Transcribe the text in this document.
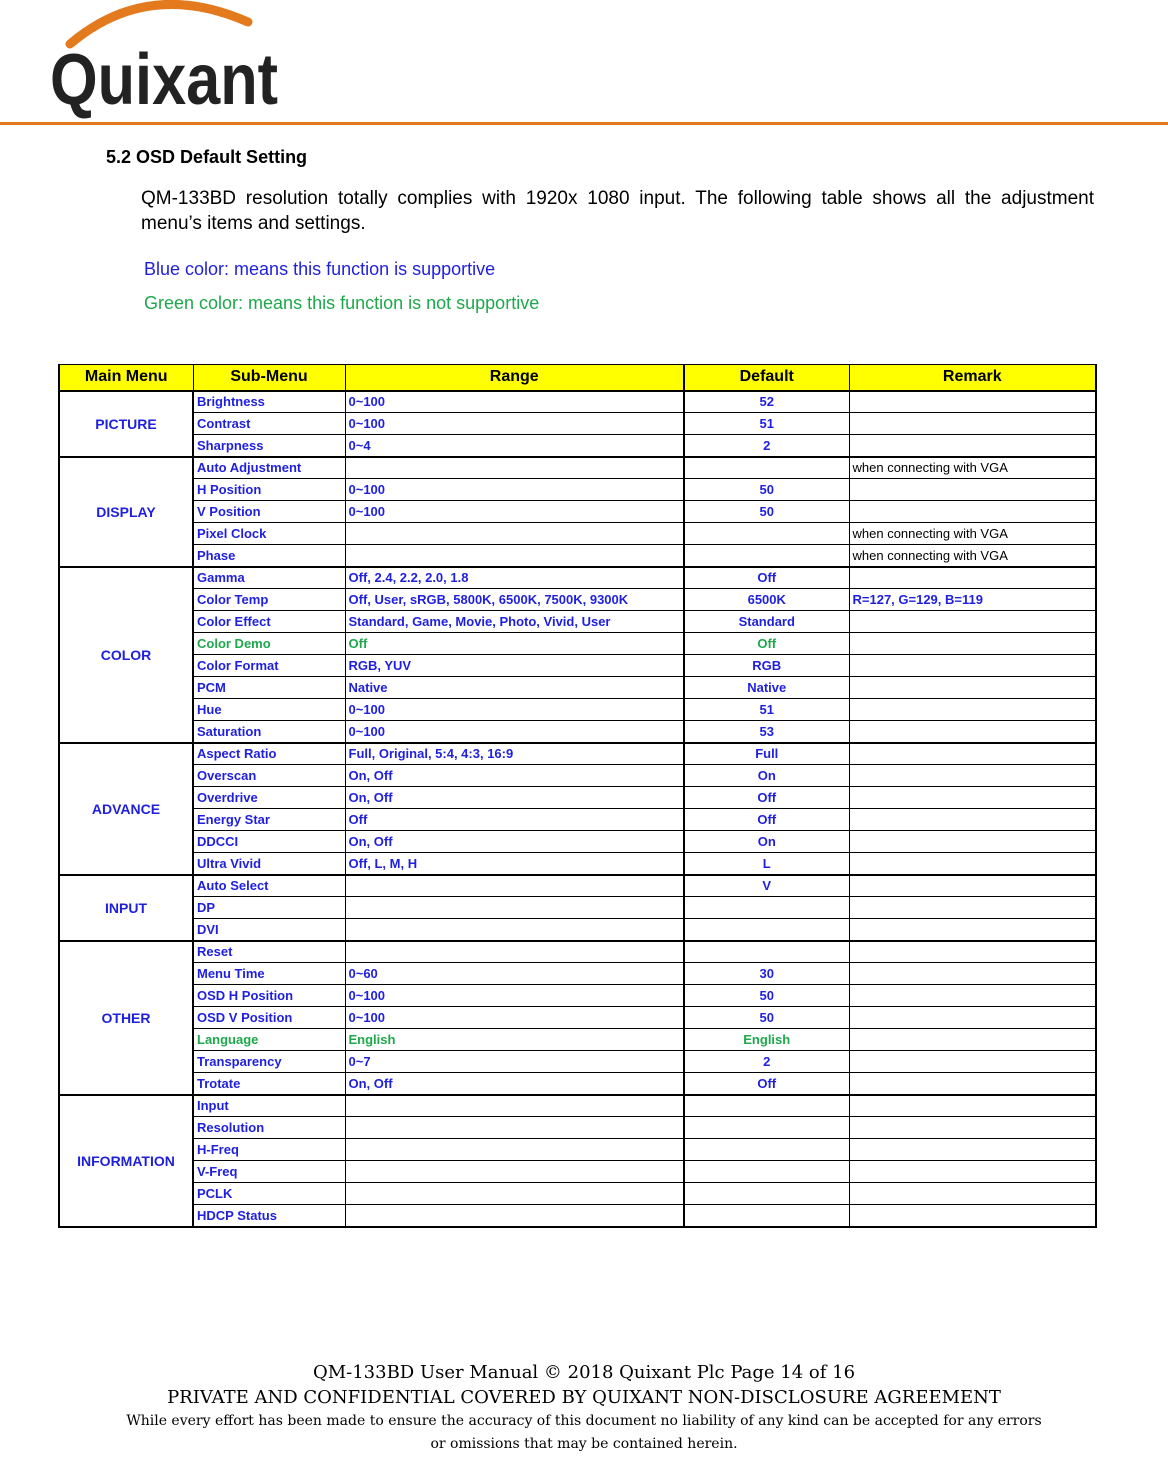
Quixant
5.2 OSD Default Setting
QM-133BD resolution totally complies with 1920x 1080 input. The following table shows all the adjustment menu’s items and settings.
Blue color: means this function is supportive
Green color: means this function is not supportive
Main Menu	Sub-Menu	Range	Default	Remark
PICTURE	Brightness	0~100	52	
	Contrast	0~100	51	
	Sharpness	0~4	2	
DISPLAY	Auto Adjustment			when connecting with VGA
	H Position	0~100	50	
	V Position	0~100	50	
	Pixel Clock			when connecting with VGA
	Phase			when connecting with VGA
COLOR	Gamma	Off, 2.4, 2.2, 2.0, 1.8	Off	
	Color Temp	Off, User, sRGB, 5800K, 6500K, 7500K, 9300K	6500K	R=127, G=129, B=119
	Color Effect	Standard, Game, Movie, Photo, Vivid, User	Standard	
	Color Demo	Off	Off	
	Color Format	RGB, YUV	RGB	
	PCM	Native	Native	
	Hue	0~100	51	
	Saturation	0~100	53	
ADVANCE	Aspect Ratio	Full, Original, 5:4, 4:3, 16:9	Full	
	Overscan	On, Off	On	
	Overdrive	On, Off	Off	
	Energy Star	Off	Off	
	DDCCI	On, Off	On	
	Ultra Vivid	Off, L, M, H	L	
INPUT	Auto Select		V	
	DP			
	DVI			
OTHER	Reset			
	Menu Time	0~60	30	
	OSD H Position	0~100	50	
	OSD V Position	0~100	50	
	Language	English	English	
	Transparency	0~7	2	
	Trotate	On, Off	Off	
INFORMATION	Input			
	Resolution			
	H-Freq			
	V-Freq			
	PCLK			
	HDCP Status			
QM-133BD User Manual © 2018 Quixant Plc Page 14 of 16
PRIVATE AND CONFIDENTIAL COVERED BY QUIXANT NON-DISCLOSURE AGREEMENT
While every effort has been made to ensure the accuracy of this document no liability of any kind can be accepted for any errors
or omissions that may be contained herein.
